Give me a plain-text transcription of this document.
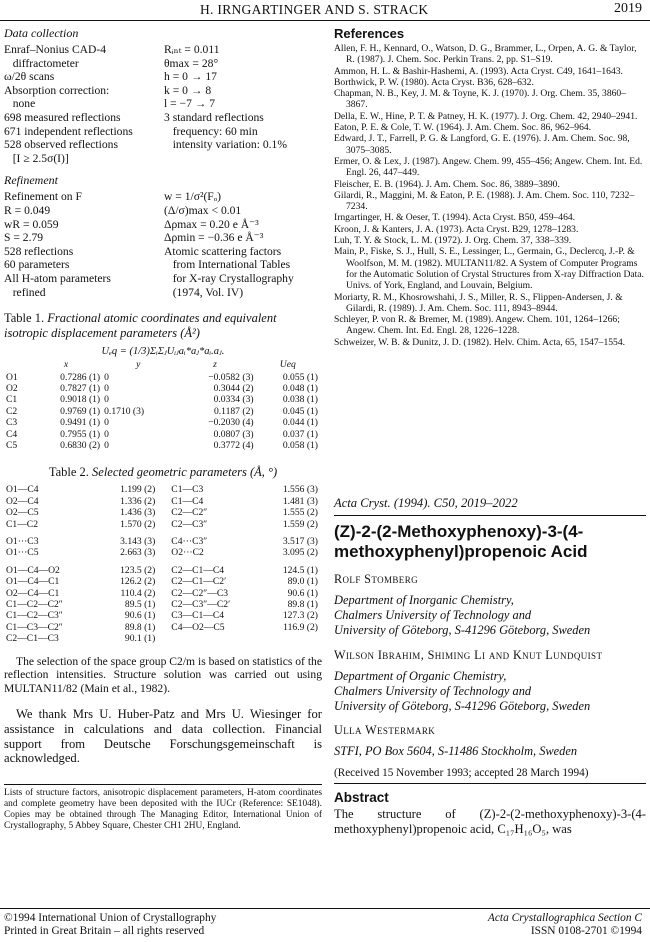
H. IRNGARTINGER AND S. STRACK	2019
Data collection
Enraf–Nonius CAD-4	Rᵢₙₜ = 0.011
diffractometer	θmax = 28°
ω/2θ scans	h = 0 → 17
Absorption correction:	k = 0 → 8
none	l = −7 → 7
698 measured reflections	3 standard reflections
671 independent reflections	frequency: 60 min
528 observed reflections	intensity variation: 0.1%
[I ≥ 2.5σ(I)]
Refinement
Refinement on F	w = 1/σ²(Fₒ)
R = 0.049	(Δ/σ)max < 0.01
wR = 0.059	Δρmax = 0.20 e Å⁻³
S = 2.79	Δρmin = −0.36 e Å⁻³
528 reflections	Atomic scattering factors
60 parameters	from International Tables
All H-atom parameters	for X-ray Crystallography
refined	(1974, Vol. IV)
Table 1. Fractional atomic coordinates and equivalent isotropic displacement parameters (Å²)
Uₑq = (1/3)ΣᵢΣⱼUᵢⱼaᵢ*aⱼ*aᵢ.aⱼ.
	x	y	z	Ueq
O1	0.7286 (1)	0	−0.0582 (3)	0.055 (1)
O2	0.7827 (1)	0	0.3044 (2)	0.048 (1)
C1	0.9018 (1)	0	0.0334 (3)	0.038 (1)
C2	0.9769 (1)	0.1710 (3)	0.1187 (2)	0.045 (1)
C3	0.9491 (1)	0	−0.2030 (4)	0.044 (1)
C4	0.7955 (1)	0	0.0807 (3)	0.037 (1)
C5	0.6830 (2)	0	0.3772 (4)	0.058 (1)
Table 2. Selected geometric parameters (Å, °)
O1—C4	1.199 (2)	C1—C3	1.556 (3)
O2—C4	1.336 (2)	C1—C4	1.481 (3)
O2—C5	1.436 (3)	C2—C2″	1.555 (2)
C1—C2	1.570 (2)	C2—C3″	1.559 (2)

O1···C3	3.143 (3)	C4···C3″	3.517 (3)
O1···C5	2.663 (3)	O2···C2	3.095 (2)

O1—C4—O2	123.5 (2)	C2—C1—C4	124.5 (1)
O1—C4—C1	126.2 (2)	C2—C1—C2′	89.0 (1)
O2—C4—C1	110.4 (2)	C2—C2″—C3	90.6 (1)
C1—C2—C2″	89.5 (1)	C2—C3″—C2′	89.8 (1)
C1—C2—C3″	90.6 (1)	C3—C1—C4	127.3 (2)
C1—C3—C2″	89.8 (1)	C4—O2—C5	116.9 (2)
C2—C1—C3	90.1 (1)		

The selection of the space group C2/m is based on statistics of the reflection intensities. Structure solution was carried out using MULTAN11/82 (Main et al., 1982).

We thank Mrs U. Huber-Patz and Mrs U. Wiesinger for assistance in calculations and data collection. Financial support from Deutsche Forschungsgemeinschaft is acknowledged.

Lists of structure factors, anisotropic displacement parameters, H-atom coordinates and complete geometry have been deposited with the IUCr (Reference: SE1048). Copies may be obtained through The Managing Editor, International Union of Crystallography, 5 Abbey Square, Chester CH1 2HU, England.
References

Allen, F. H., Kennard, O., Watson, D. G., Brammer, L., Orpen, A. G. & Taylor, R. (1987). J. Chem. Soc. Perkin Trans. 2, pp. S1–S19.

Ammon, H. L. & Bashir-Hashemi, A. (1993). Acta Cryst. C49, 1641–1643.

Borthwick, P. W. (1980). Acta Cryst. B36, 628–632.

Chapman, N. B., Key, J. M. & Toyne, K. J. (1970). J. Org. Chem. 35, 3860–3867.

Della, E. W., Hine, P. T. & Patney, H. K. (1977). J. Org. Chem. 42, 2940–2941.

Eaton, P. E. & Cole, T. W. (1964). J. Am. Chem. Soc. 86, 962–964.

Edward, J. T., Farrell, P. G. & Langford, G. E. (1976). J. Am. Chem. Soc. 98, 3075–3085.

Ermer, O. & Lex, J. (1987). Angew. Chem. 99, 455–456; Angew. Chem. Int. Ed. Engl. 26, 447–449.

Fleischer, E. B. (1964). J. Am. Chem. Soc. 86, 3889–3890.

Gilardi, R., Maggini, M. & Eaton, P. E. (1988). J. Am. Chem. Soc. 110, 7232–7234.

Irngartinger, H. & Oeser, T. (1994). Acta Cryst. B50, 459–464.

Kroon, J. & Kanters, J. A. (1973). Acta Cryst. B29, 1278–1283.

Luh, T. Y. & Stock, L. M. (1972). J. Org. Chem. 37, 338–339.

Main, P., Fiske, S. J., Hull, S. E., Lessinger, L., Germain, G., Declercq, J.-P. & Woolfson, M. M. (1982). MULTAN11/82. A System of Computer Programs for the Automatic Solution of Crystal Structures from X-ray Diffraction Data. Univs. of York, England, and Louvain, Belgium.

Moriarty, R. M., Khosrowshahi, J. S., Miller, R. S., Flippen-Andersen, J. & Gilardi, R. (1989). J. Am. Chem. Soc. 111, 8943–8944.

Schleyer, P. von R. & Bremer, M. (1989). Angew. Chem. 101, 1264–1266; Angew. Chem. Int. Ed. Engl. 28, 1226–1228.

Schweizer, W. B. & Dunitz, J. D. (1982). Helv. Chim. Acta, 65, 1547–1554.

Acta Cryst. (1994). C50, 2019–2022
(Z)-2-(2-Methoxyphenoxy)-3-(4-methoxyphenyl)propenoic Acid
Rolf Stomberg
Department of Inorganic Chemistry,
Chalmers University of Technology and
University of Göteborg, S-41296 Göteborg, Sweden
Wilson Ibrahim, Shiming Li and Knut Lundquist
Department of Organic Chemistry,
Chalmers University of Technology and
University of Göteborg, S-41296 Göteborg, Sweden
Ulla Westermark
STFI, PO Box 5604, S-11486 Stockholm, Sweden
(Received 15 November 1993; accepted 28 March 1994)
Abstract

The structure of (Z)-2-(2-methoxyphenoxy)-3-(4-methoxyphenyl)propenoic acid, C₁₇H₁₆O₅, was

©1994 International Union of Crystallography
Printed in Great Britain – all rights reserved
Acta Crystallographica Section C
ISSN 0108-2701 ©1994
